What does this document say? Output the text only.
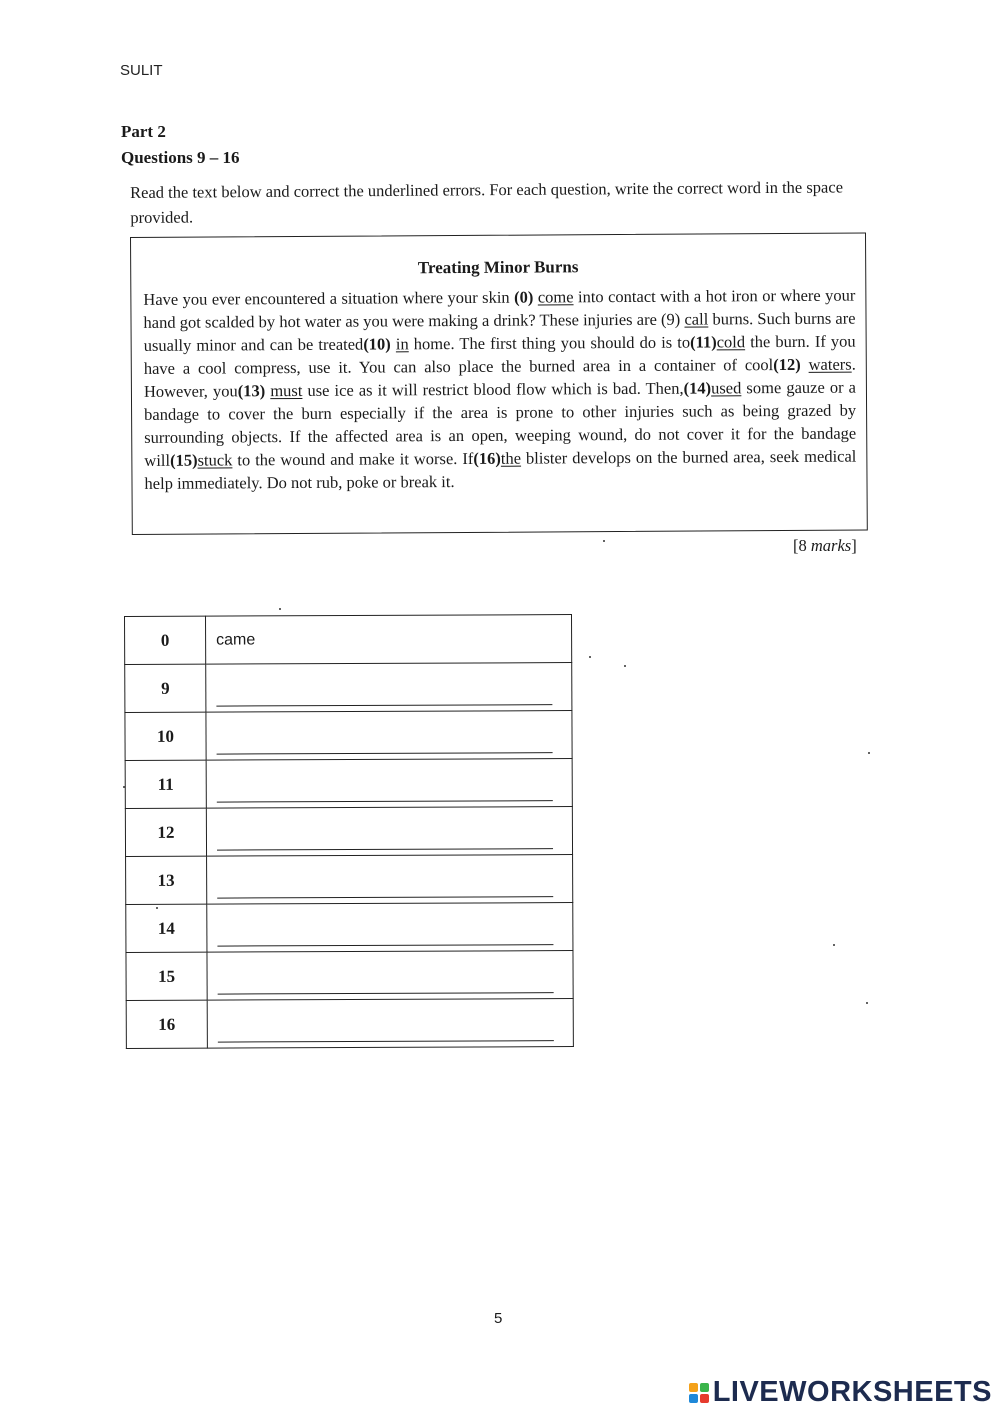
SULIT
Part 2
Questions 9 – 16
Read the text below and correct the underlined errors. For each question, write the correct word in the space provided.
Treating Minor Burns
Have you ever encountered a situation where your skin (0) come into contact with a hot iron or where your hand got scalded by hot water as you were making a drink? These injuries are (9) call burns. Such burns are usually minor and can be treated(10) in home. The first thing you should do is to(11)cold the burn. If you have a cool compress, use it. You can also place the burned area in a container of cool(12) waters. However, you(13) must use ice as it will restrict blood flow which is bad. Then,(14)used some gauze or a bandage to cover the burn especially if the area is prone to other injuries such as being grazed by surrounding objects. If the affected area is an open, weeping wound, do not cover it for the bandage will(15)stuck to the wound and make it worse. If(16)the blister develops on the burned area, seek medical help immediately. Do not rub, poke or break it.
[8 marks]
0	came

9	

10	

11	

12	

13	

14	

15	

16	
5
LIVEWORKSHEETS
